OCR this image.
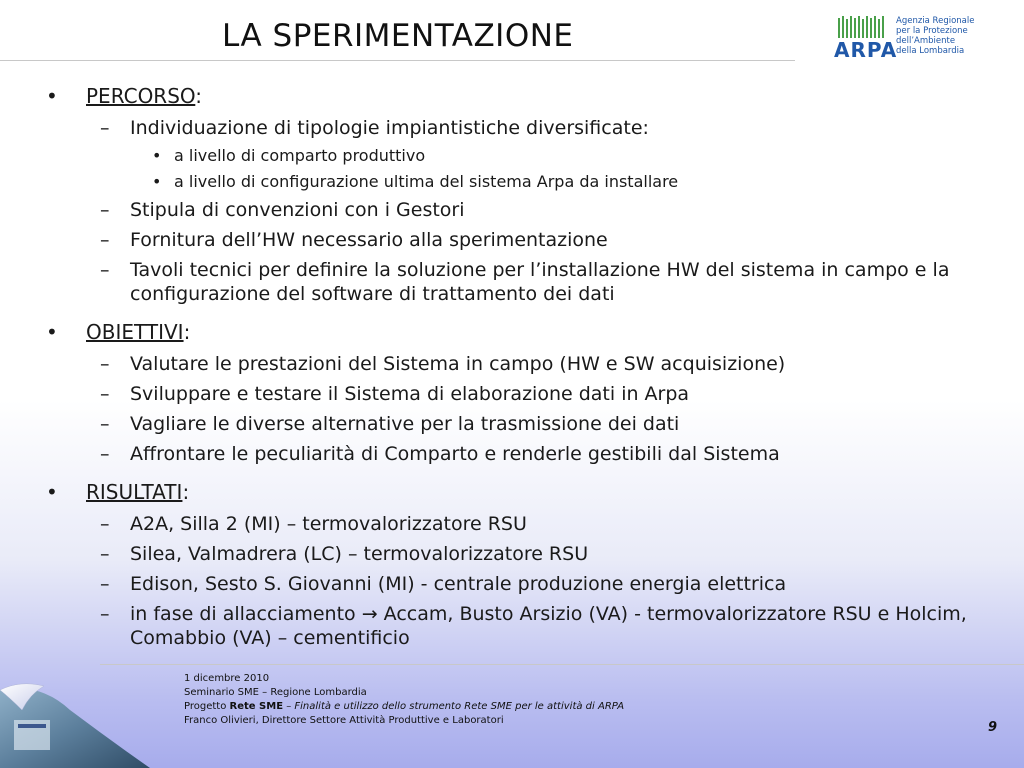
LA SPERIMENTAZIONE	ARPA
Agenzia Regionale
per la Protezione dell’Ambiente
della Lombardia
• PERCORSO:
– Individuazione di tipologie impiantistiche diversificate:
• a livello di comparto produttivo
• a livello di configurazione ultima del sistema Arpa da installare
– Stipula di convenzioni con i Gestori
– Fornitura dell’HW necessario alla sperimentazione
– Tavoli tecnici per definire la soluzione per l’installazione HW del sistema in campo e la configurazione del software di trattamento dei dati
• OBIETTIVI:
– Valutare le prestazioni del Sistema in campo (HW e SW acquisizione)
– Sviluppare e testare il Sistema di elaborazione dati in Arpa
– Vagliare le diverse alternative per la trasmissione dei dati
– Affrontare le peculiarità di Comparto e renderle gestibili dal Sistema
• RISULTATI:
– A2A, Silla 2 (MI) – termovalorizzatore RSU
– Silea, Valmadrera (LC) – termovalorizzatore RSU
– Edison, Sesto S. Giovanni (MI) - centrale produzione energia elettrica
– in fase di allacciamento → Accam, Busto Arsizio (VA) - termovalorizzatore RSU e Holcim, Comabbio (VA) – cementificio
1 dicembre 2010
Seminario SME – Regione Lombardia
Progetto Rete SME – Finalità e utilizzo dello strumento Rete SME per le attività di ARPA
Franco Olivieri, Direttore Settore Attività Produttive e Laboratori	9
